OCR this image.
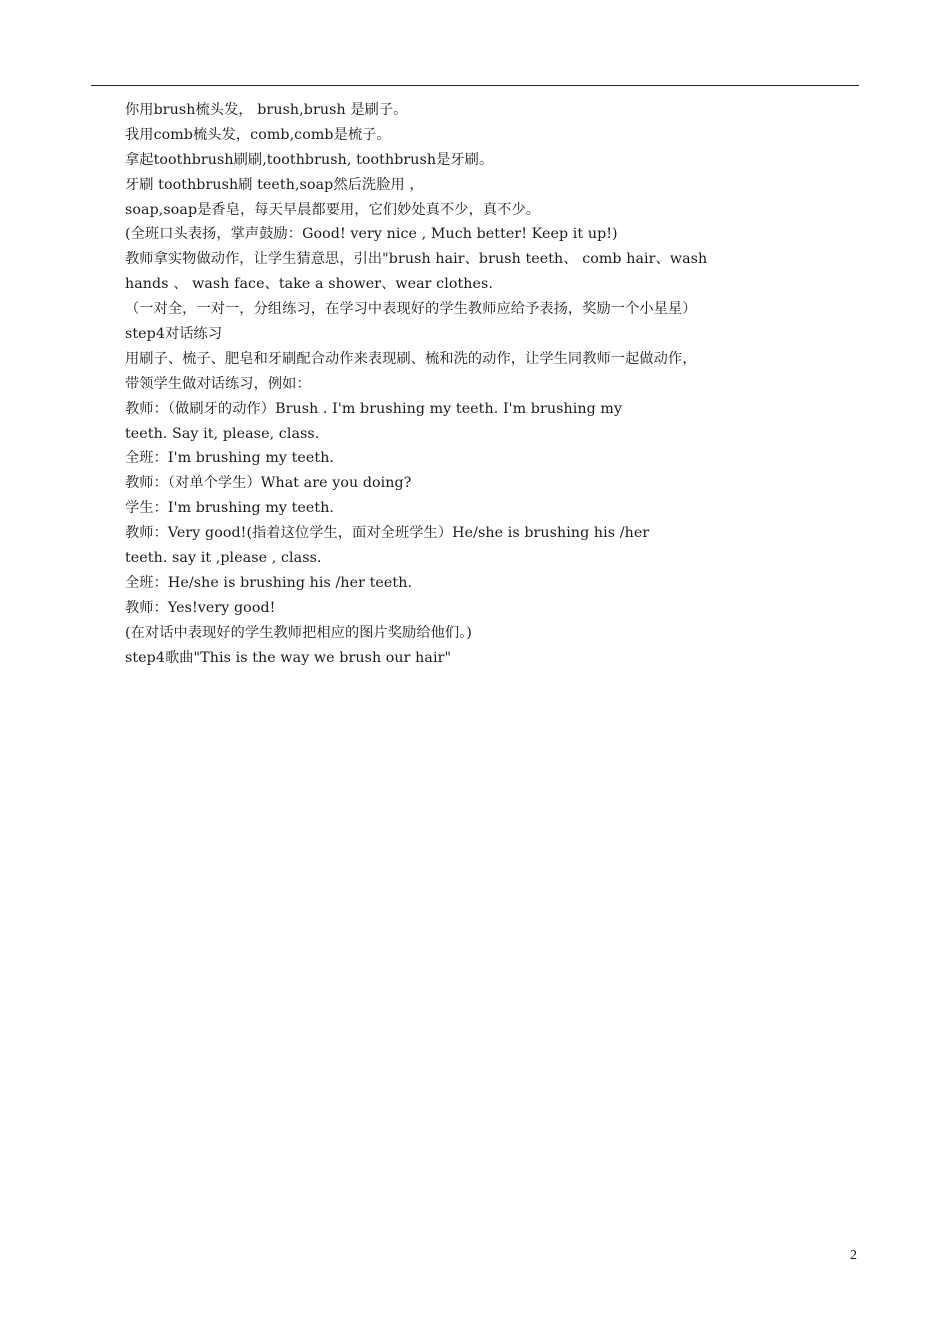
你用brush梳头发， brush,brush 是刷子。
我用comb梳头发，comb,comb是梳子。
拿起toothbrush刷刷,toothbrush, toothbrush是牙刷。
牙刷 toothbrush刷 teeth,soap然后洗脸用 ，
soap,soap是香皂，每天早晨都要用，它们妙处真不少，真不少。
(全班口头表扬，掌声鼓励：Good! very nice , Much better! Keep it up!)
教师拿实物做动作，让学生猜意思，引出"brush hair、brush teeth、 comb hair、wash
hands 、 wash face、take a shower、wear clothes.
（一对全，一对一，分组练习，在学习中表现好的学生教师应给予表扬，奖励一个小星星）
step4对话练习
用刷子、梳子、肥皂和牙刷配合动作来表现刷、梳和洗的动作，让学生同教师一起做动作，
带领学生做对话练习，例如：
教师：（做刷牙的动作）Brush . I'm brushing my teeth. I'm brushing my
teeth. Say it, please, class.
全班：I'm brushing my teeth.
教师：（对单个学生）What are you doing?
学生：I'm brushing my teeth.
教师：Very good!(指着这位学生，面对全班学生）He/she is brushing his /her
teeth. say it ,please , class.
全班：He/she is brushing his /her teeth.
教师：Yes!very good!
(在对话中表现好的学生教师把相应的图片奖励给他们。)
step4歌曲"This is the way we brush our hair"
2
